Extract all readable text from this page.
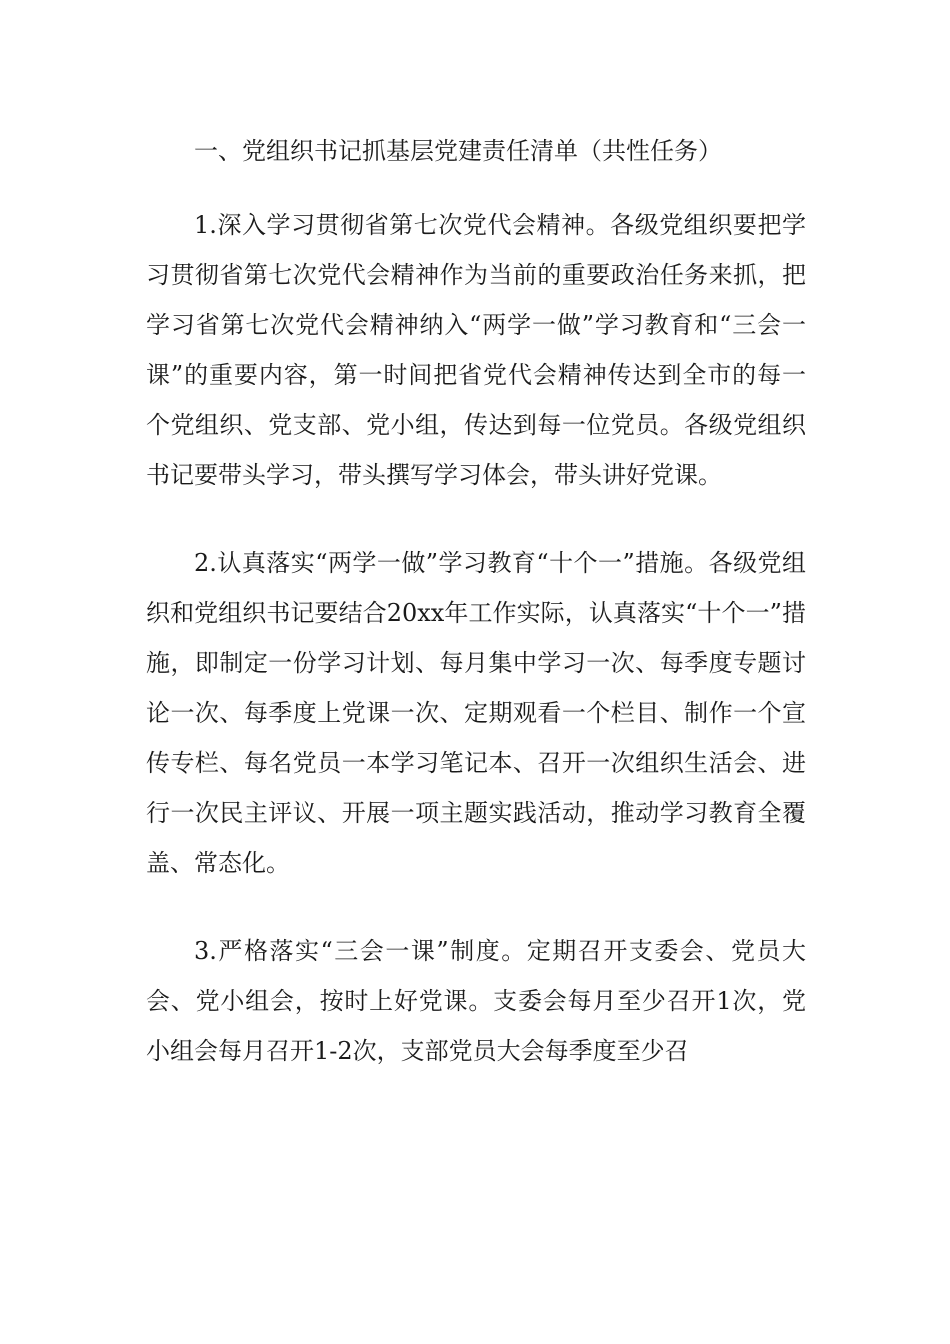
一、党组织书记抓基层党建责任清单（共性任务）

1.深入学习贯彻省第七次党代会精神。各级党组织要把学习贯彻省第七次党代会精神作为当前的重要政治任务来抓，把学习省第七次党代会精神纳入“两学一做”学习教育和“三会一课”的重要内容，第一时间把省党代会精神传达到全市的每一个党组织、党支部、党小组，传达到每一位党员。各级党组织书记要带头学习，带头撰写学习体会，带头讲好党课。

2.认真落实“两学一做”学习教育“十个一”措施。各级党组织和党组织书记要结合20xx年工作实际，认真落实“十个一”措施，即制定一份学习计划、每月集中学习一次、每季度专题讨论一次、每季度上党课一次、定期观看一个栏目、制作一个宣传专栏、每名党员一本学习笔记本、召开一次组织生活会、进行一次民主评议、开展一项主题实践活动，推动学习教育全覆盖、常态化。

3.严格落实“三会一课”制度。定期召开支委会、党员大会、党小组会，按时上好党课。支委会每月至少召开1次，党小组会每月召开1-2次，支部党员大会每季度至少召
